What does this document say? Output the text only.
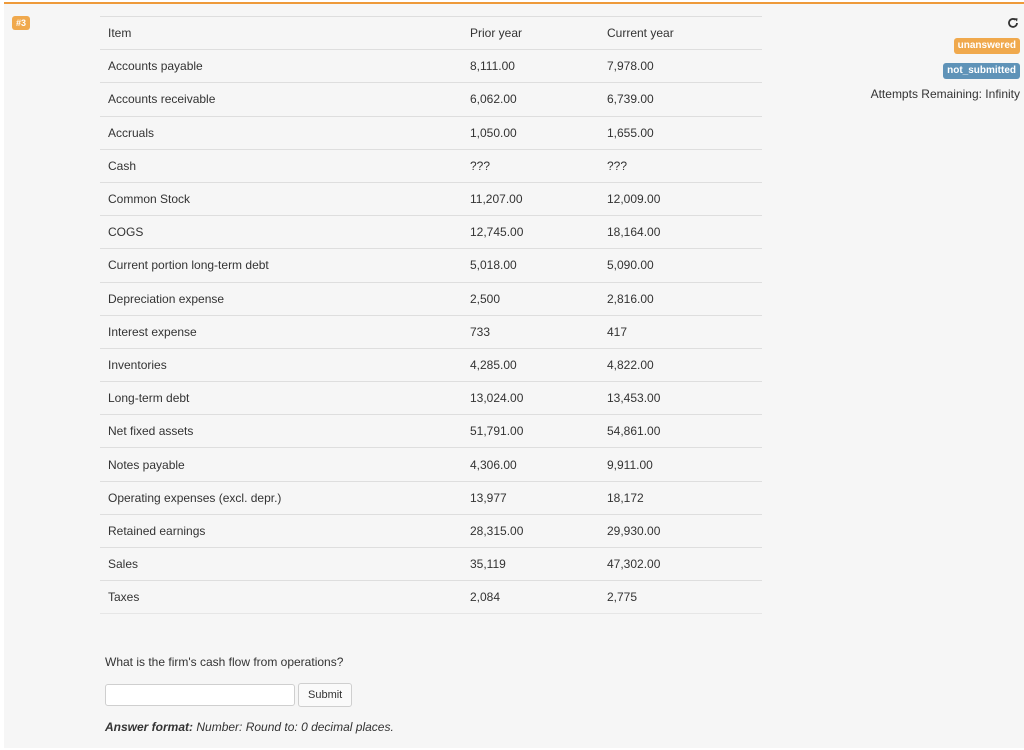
#3
unanswered
not_submitted
Attempts Remaining: Infinity
Item	Prior year	Current year
Accounts payable	8,111.00	7,978.00
Accounts receivable	6,062.00	6,739.00
Accruals	1,050.00	1,655.00
Cash	???	???
Common Stock	11,207.00	12,009.00
COGS	12,745.00	18,164.00
Current portion long-term debt	5,018.00	5,090.00
Depreciation expense	2,500	2,816.00
Interest expense	733	417
Inventories	4,285.00	4,822.00
Long-term debt	13,024.00	13,453.00
Net fixed assets	51,791.00	54,861.00
Notes payable	4,306.00	9,911.00
Operating expenses (excl. depr.)	13,977	18,172
Retained earnings	28,315.00	29,930.00
Sales	35,119	47,302.00
Taxes	2,084	2,775
What is the firm's cash flow from operations?
Submit
Answer format: Number: Round to: 0 decimal places.
